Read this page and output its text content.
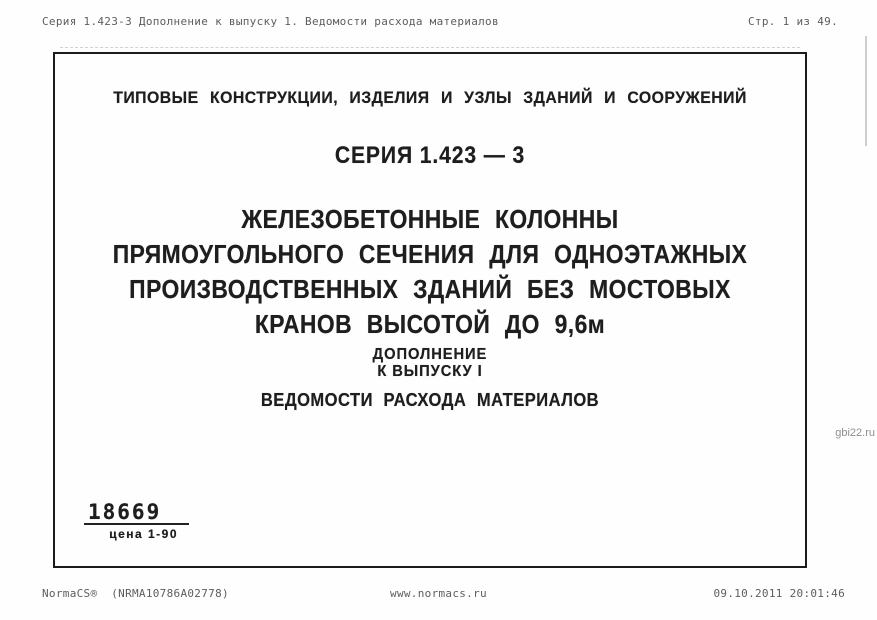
Серия 1.423-3 Дополнение к выпуску 1. Ведомости расхода материалов	Стр. 1 из 49.
ТИПОВЫЕ КОНСТРУКЦИИ, ИЗДЕЛИЯ И УЗЛЫ ЗДАНИЙ И СООРУЖЕНИЙ
СЕРИЯ 1.423 — 3
ЖЕЛЕЗОБЕТОННЫЕ КОЛОННЫ
ПРЯМОУГОЛЬНОГО СЕЧЕНИЯ ДЛЯ ОДНОЭТАЖНЫХ
ПРОИЗВОДСТВЕННЫХ ЗДАНИЙ БЕЗ МОСТОВЫХ
КРАНОВ ВЫСОТОЙ ДО 9,6м
ДОПОЛНЕНИЕ
К ВЫПУСКУ I
ВЕДОМОСТИ РАСХОДА МАТЕРИАЛОВ
18669
цена 1-90
gbi22.ru
NormaCS®  (NRMA10786A02778)	www.normacs.ru	09.10.2011 20:01:46
